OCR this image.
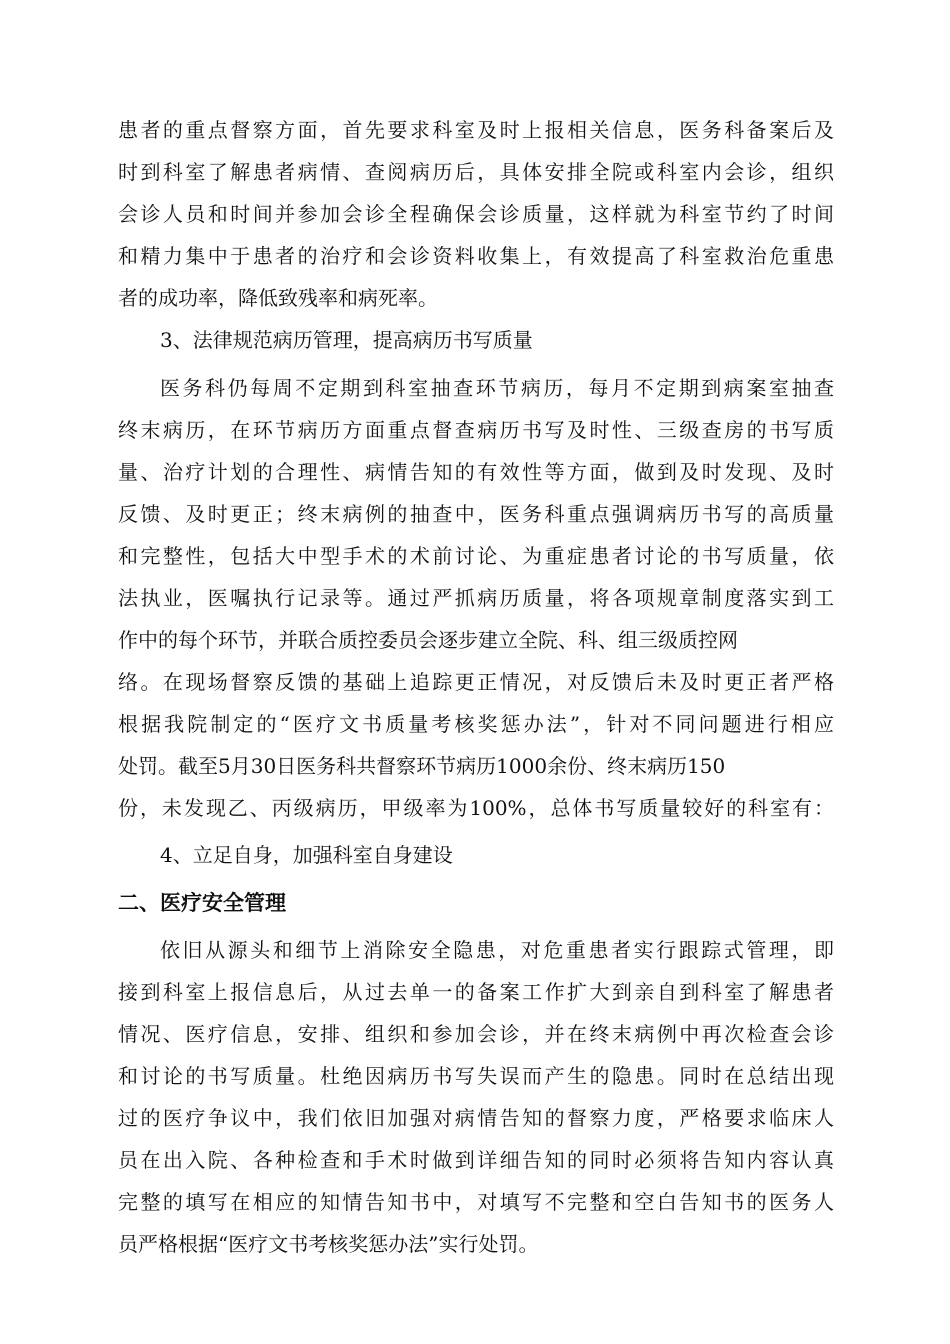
患者的重点督察方面，首先要求科室及时上报相关信息，医务科备案后及
时到科室了解患者病情、查阅病历后，具体安排全院或科室内会诊，组织
会诊人员和时间并参加会诊全程确保会诊质量，这样就为科室节约了时间
和精力集中于患者的治疗和会诊资料收集上，有效提高了科室救治危重患
者的成功率，降低致残率和病死率。
3、法律规范病历管理，提高病历书写质量
医务科仍每周不定期到科室抽查环节病历，每月不定期到病案室抽查
终末病历，在环节病历方面重点督查病历书写及时性、三级查房的书写质
量、治疗计划的合理性、病情告知的有效性等方面，做到及时发现、及时
反馈、及时更正；终末病例的抽查中，医务科重点强调病历书写的高质量
和完整性，包括大中型手术的术前讨论、为重症患者讨论的书写质量，依
法执业，医嘱执行记录等。通过严抓病历质量，将各项规章制度落实到工
作中的每个环节，并联合质控委员会逐步建立全院、科、组三级质控网
络。在现场督察反馈的基础上追踪更正情况，对反馈后未及时更正者严格
根据我院制定的“医疗文书质量考核奖惩办法”，针对不同问题进行相应
处罚。截至5月30日医务科共督察环节病历1000余份、终末病历150
份，未发现乙、丙级病历，甲级率为100%，总体书写质量较好的科室有：
4、立足自身，加强科室自身建设
二、医疗安全管理
依旧从源头和细节上消除安全隐患，对危重患者实行跟踪式管理，即
接到科室上报信息后，从过去单一的备案工作扩大到亲自到科室了解患者
情况、医疗信息，安排、组织和参加会诊，并在终末病例中再次检查会诊
和讨论的书写质量。杜绝因病历书写失误而产生的隐患。同时在总结出现
过的医疗争议中，我们依旧加强对病情告知的督察力度，严格要求临床人
员在出入院、各种检查和手术时做到详细告知的同时必须将告知内容认真
完整的填写在相应的知情告知书中，对填写不完整和空白告知书的医务人
员严格根据“医疗文书考核奖惩办法”实行处罚。
